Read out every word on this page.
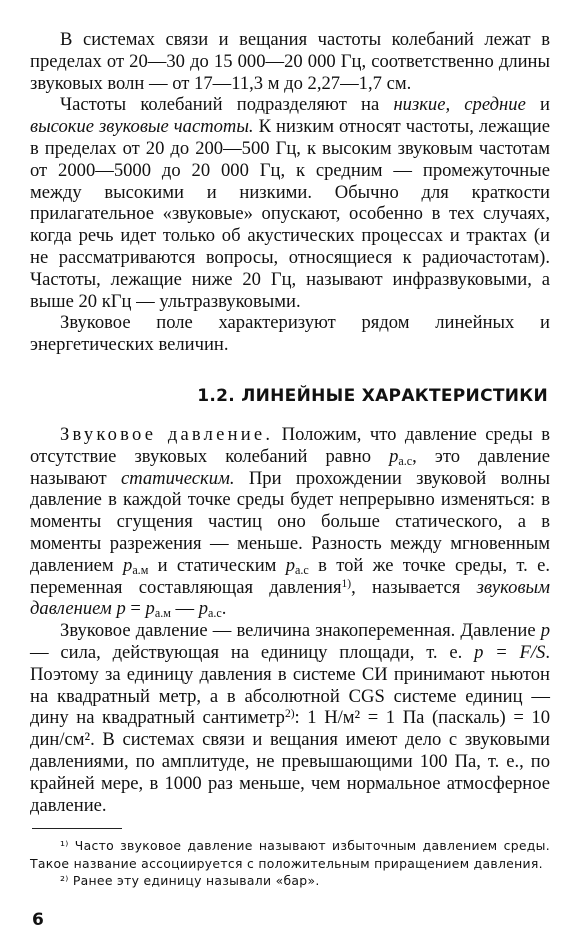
В системах связи и вещания частоты колебаний лежат в пределах от 20—30 до 15 000—20 000 Гц, соответственно длины звуковых волн — от 17—11,3 м до 2,27—1,7 см.

Частоты колебаний подразделяют на низкие, средние и высокие звуковые частоты. К низким относят частоты, лежащие в пределах от 20 до 200—500 Гц, к высоким звуковым частотам от 2000—5000 до 20 000 Гц, к средним — промежуточные между высокими и низкими. Обычно для краткости прилагательное «звуковые» опускают, особенно в тех случаях, когда речь идет только об акустических процессах и трактах (и не рассматриваются вопросы, относящиеся к радиочастотам). Частоты, лежащие ниже 20 Гц, называют инфразвуковыми, а выше 20 кГц — ультразвуковыми.

Звуковое поле характеризуют рядом линейных и энергетических величин.

1.2. ЛИНЕЙНЫЕ ХАРАКТЕРИСТИКИ

Звуковое давление. Положим, что давление среды в отсутствие звуковых колебаний равно $p_{а.с}$, это давление называют статическим. При прохождении звуковой волны давление в каждой точке среды будет непрерывно изменяться: в моменты сгущения частиц оно больше статического, а в моменты разрежения — меньше. Разность между мгновенным давлением $p_{а.м}$ и статическим $p_{а.с}$ в той же точке среды, т. е. переменная составляющая давления$^{1)}$, называется звуковым давлением $p = p_{а.м}$ — $p_{а.с}$.

Звуковое давление — величина знакопеременная. Давление p — сила, действующая на единицу площади, т. е. p = F/S. Поэтому за единицу давления в системе СИ принимают ньютон на квадратный метр, а в абсолютной CGS системе единиц — дину на квадратный сантиметр$^{2)}$: 1 Н/м² = 1 Па (паскаль) = 10 дин/см². В системах связи и вещания имеют дело с звуковыми давлениями, по амплитуде, не превышающими 100 Па, т. е., по крайней мере, в 1000 раз меньше, чем нормальное атмосферное давление.

¹⁾ Часто звуковое давление называют избыточным давлением среды. Такое название ассоциируется с положительным приращением давления.

²⁾ Ранее эту единицу называли «бар».

6
